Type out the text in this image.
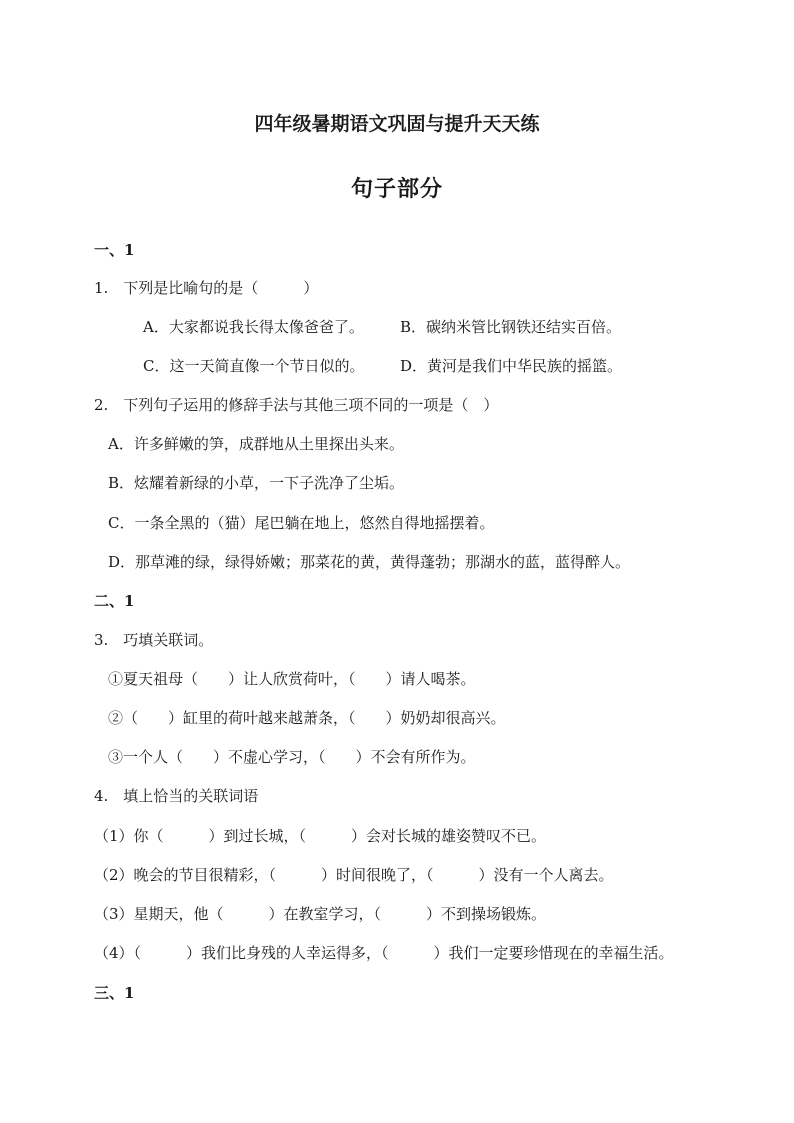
四年级暑期语文巩固与提升天天练
句子部分
一、1
1.　下列是比喻句的是（　　　）
A．大家都说我长得太像爸爸了。 B．碳纳米管比钢铁还结实百倍。
C．这一天简直像一个节日似的。 D．黄河是我们中华民族的摇篮。
2.　下列句子运用的修辞手法与其他三项不同的一项是（　）
A．许多鲜嫩的笋，成群地从土里探出头来。
B．炫耀着新绿的小草，一下子洗净了尘垢。
C．一条全黑的（猫）尾巴躺在地上，悠然自得地摇摆着。
D．那草滩的绿，绿得娇嫩；那菜花的黄，黄得蓬勃；那湖水的蓝，蓝得醉人。
二、1
3.　巧填关联词。
①夏天祖母（　　）让人欣赏荷叶，（　　）请人喝茶。
②（　　）缸里的荷叶越来越萧条，（　　）奶奶却很高兴。
③一个人（　　）不虚心学习，（　　）不会有所作为。
4.　填上恰当的关联词语
（1）你（　　　）到过长城，（　　　）会对长城的雄姿赞叹不已。
（2）晚会的节目很精彩，（　　　）时间很晚了，（　　　）没有一个人离去。
（3）星期天，他（　　　）在教室学习，（　　　）不到操场锻炼。
（4）（　　　）我们比身残的人幸运得多，（　　　）我们一定要珍惜现在的幸福生活。
三、1
